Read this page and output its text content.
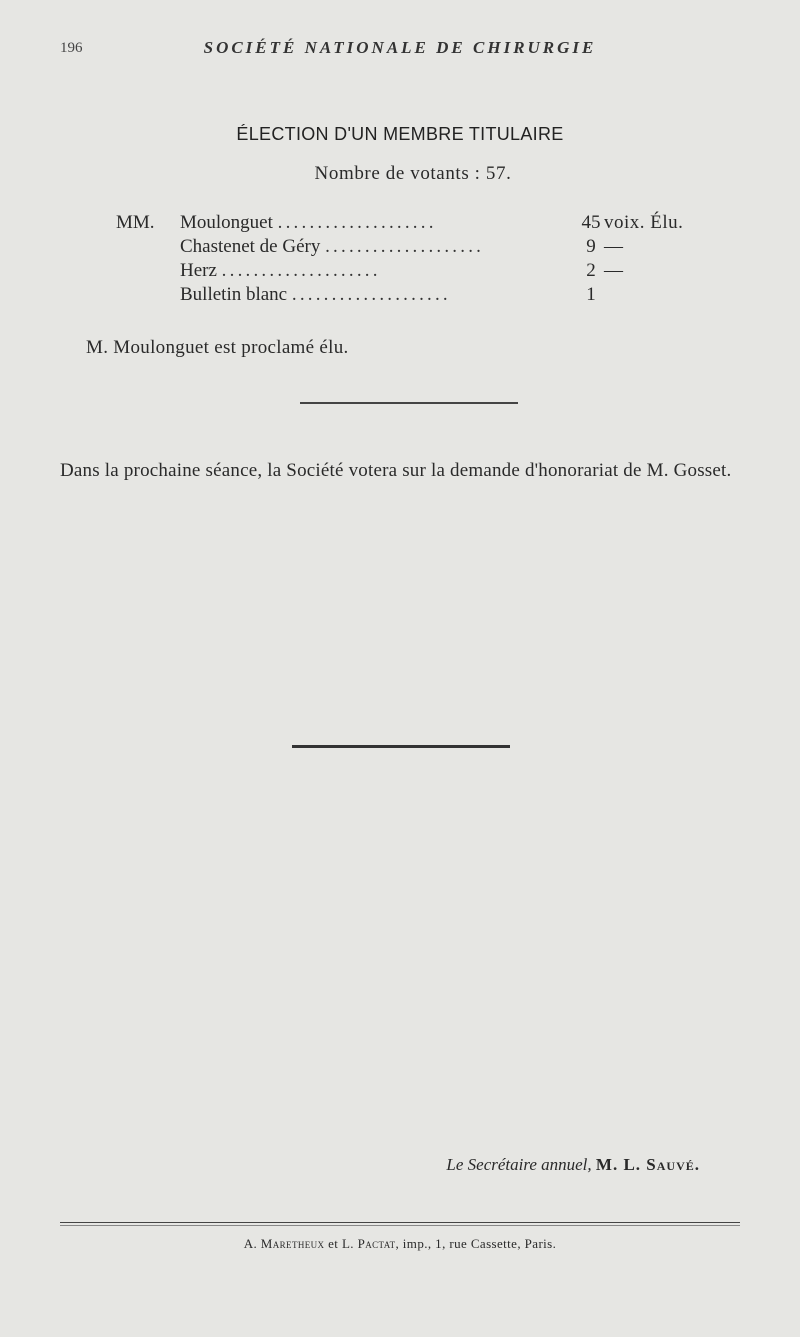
196	SOCIÉTÉ NATIONALE DE CHIRURGIE
ÉLECTION D'UN MEMBRE TITULAIRE
Nombre de votants : 57.
MM. Moulonguet ....................	45 voix. Élu.
Chastenet de Géry ....................	9 —
Herz ....................	2 —
Bulletin blanc ....................	1
M. Moulonguet est proclamé élu.
Dans la prochaine séance, la Société votera sur la demande d'honorariat de M. Gosset.
Le Secrétaire annuel, M. L. Sauvé.
A. Maretheux et L. Pactat, imp., 1, rue Cassette, Paris.
